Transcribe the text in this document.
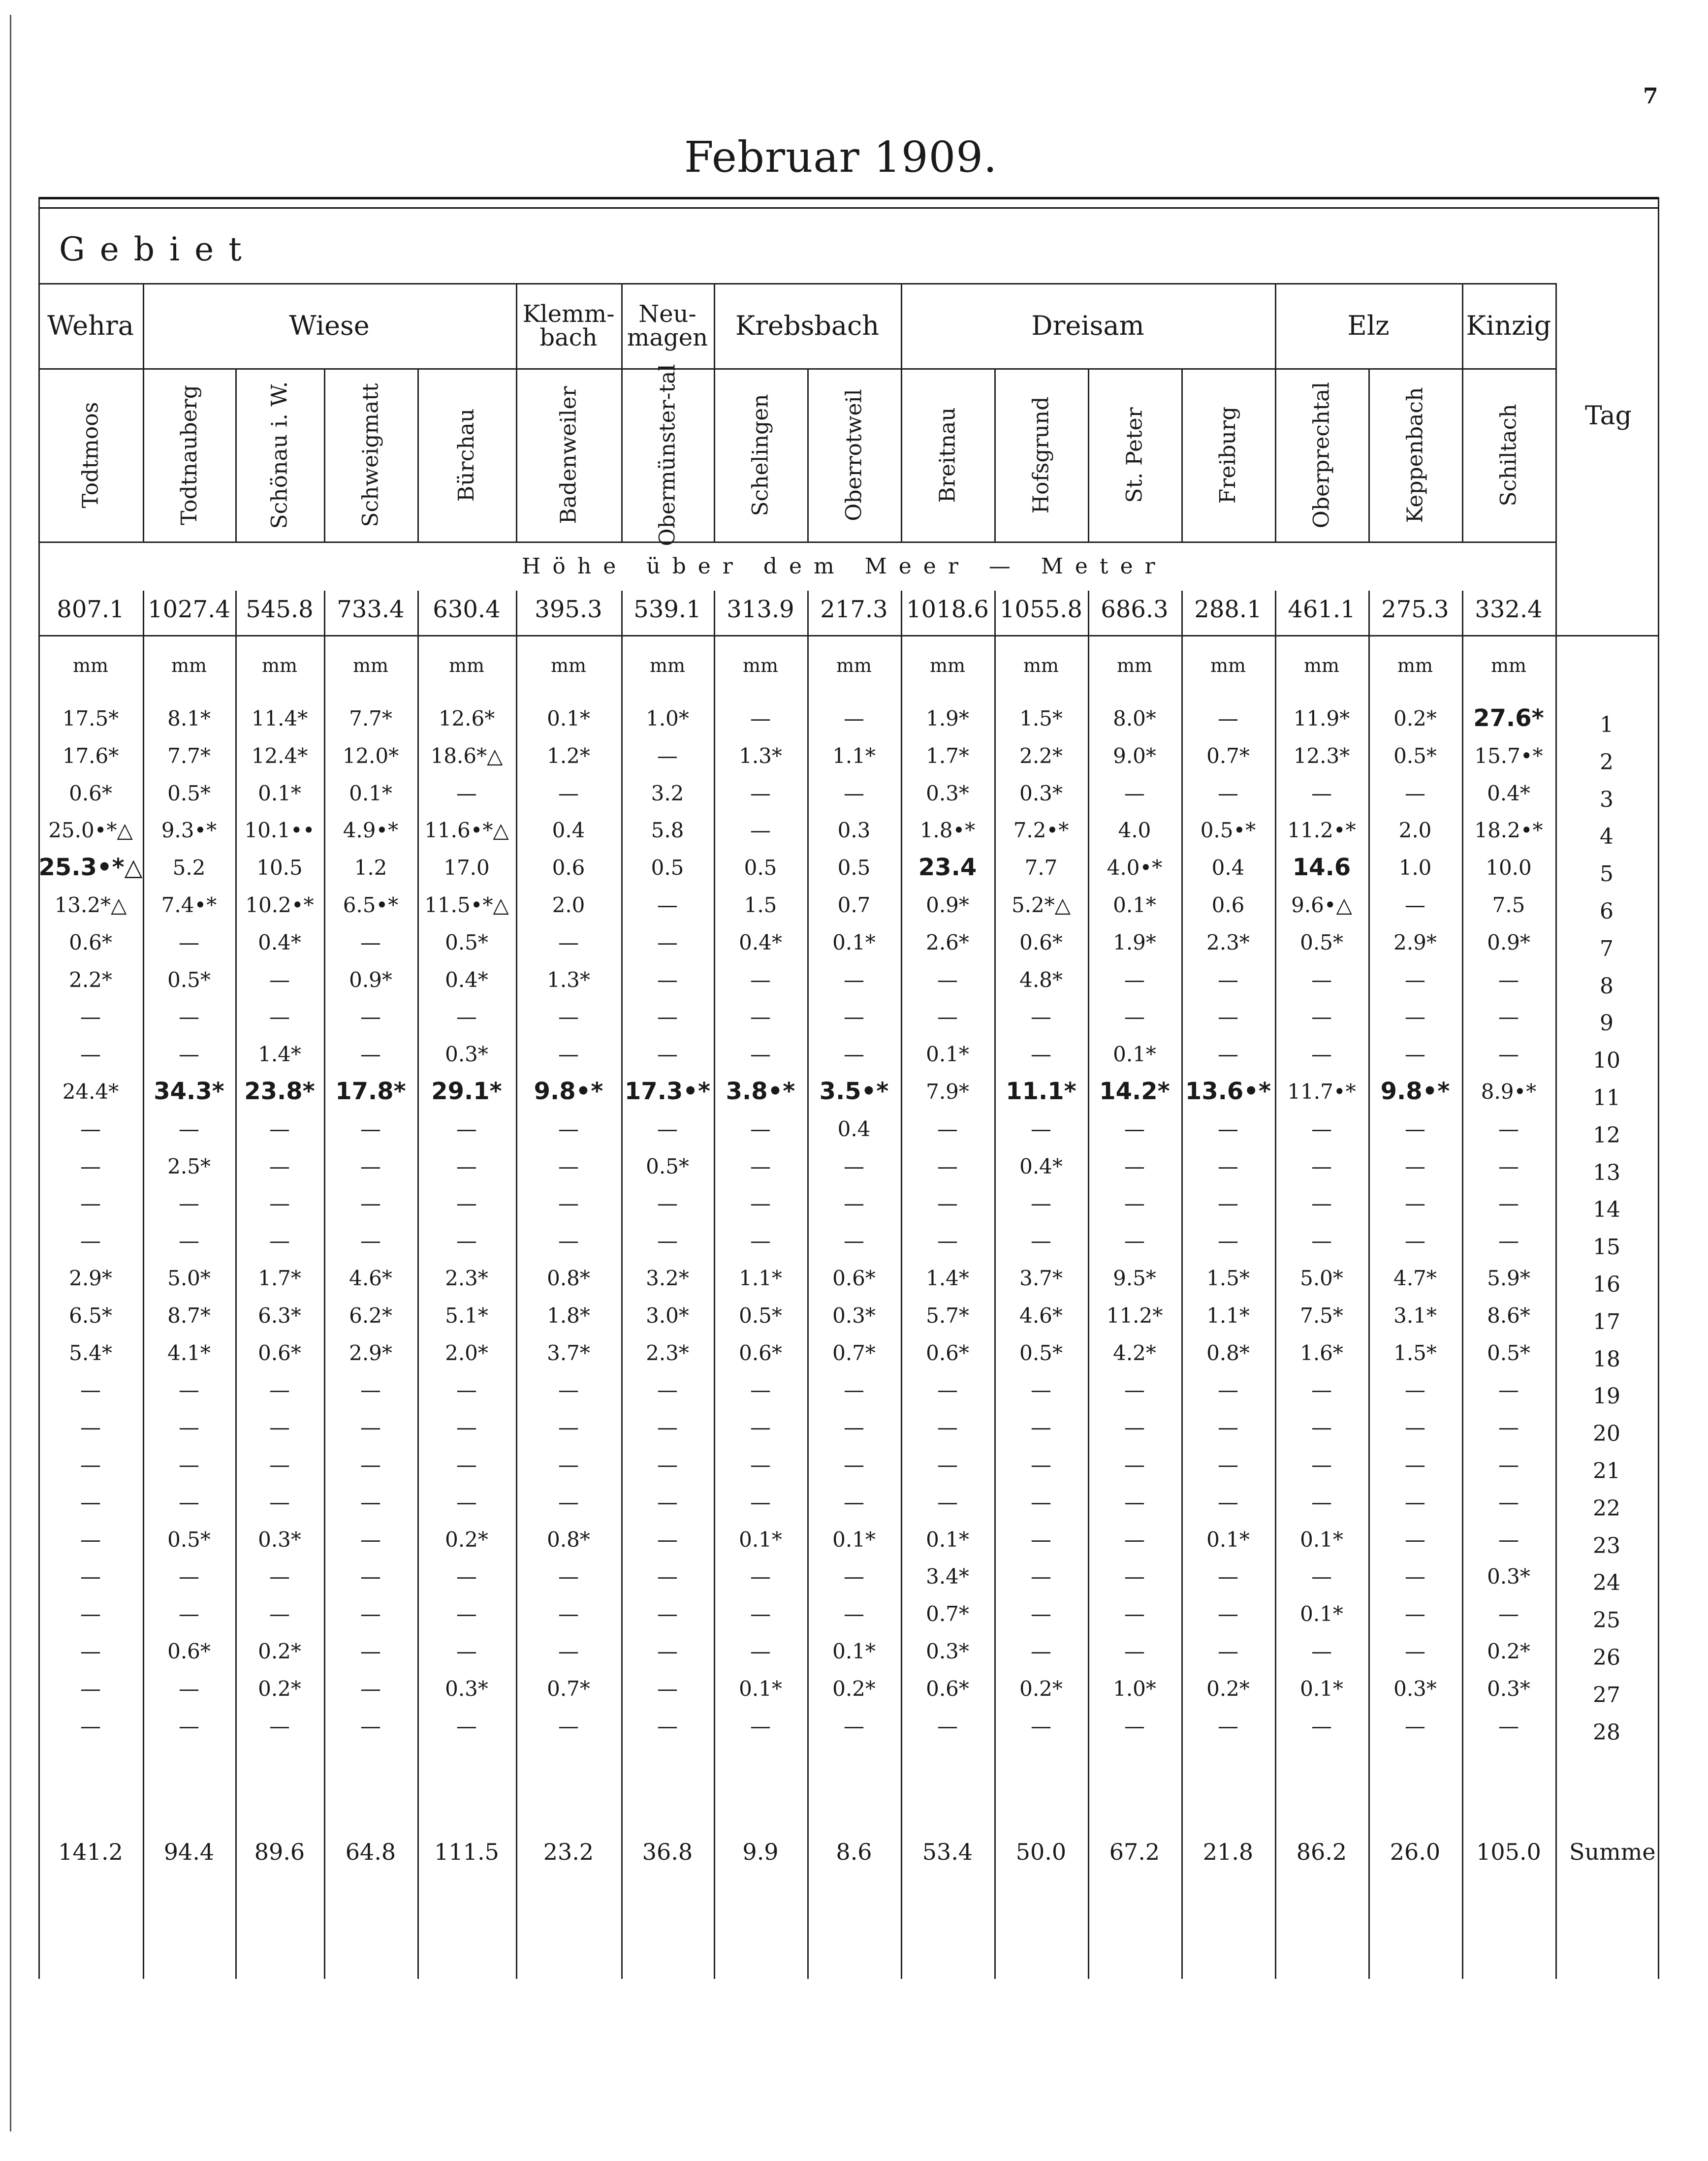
7
Februar 1909.
Gebiet
Wehra	Wiese	Klemm-
bach
Neu-
magen	Krebsbach	Dreisam	Elz	Kinzig
Todtmoos	Todtnauberg	Schönau i. W.	Schweigmatt	Bürchau	Badenweiler	Obermünster-tal	Schelingen	Oberrotweil	Breitnau	Hofsgrund	St. Peter	Freiburg	Oberprechtal	Keppenbach	Schiltach Tag
Höhe über dem Meer — Meter
807.1 1027.4 545.8 733.4	630.4	395.3	539.1	313.9	217.3 1018.6 1055.8 686.3	288.1	461.1	275.3	332.4
mm	mm	mm	mm	mm	mm	mm	mm	mm	mm	mm	mm	mm	mm	mm	mm
17.5*	8.1*	11.4*	7.7*	12.6*	0.1*	1.0*	—	—	1.9*	1.5*	8.0*	—	11.9*	0.2*	27.6*	1
17.6*	7.7*	12.4*	12.0*	18.6*△	1.2*	—	1.3*	1.1*	1.7*	2.2*	9.0*	0.7*	12.3*	0.5*	15.7•*	2
0.6*	0.5*	0.1*	0.1*	—	—	3.2	—	—	0.3*	0.3*	—	—	—	—	0.4*	3
25.0•*△	9.3•*	10.1••	4.9•*	11.6•*△	0.4	5.8	—	0.3	1.8•*	7.2•*	4.0	0.5•*	11.2•*	2.0	18.2•*	4
25.3•*△	5.2	10.5	1.2	17.0	0.6	0.5	0.5	0.5	23.4	7.7	4.0•*	0.4	14.6	1.0	10.0	5
13.2*△	7.4•*	10.2•*	6.5•*	11.5•*△	2.0	—	1.5	0.7	0.9*	5.2*△	0.1*	0.6	9.6•△	—	7.5	6
0.6*	—	0.4*	—	0.5*	—	—	0.4*	0.1*	2.6*	0.6*	1.9*	2.3*	0.5*	2.9*	0.9*	7
2.2*	0.5*	—	0.9*	0.4*	1.3*	—	—	—	—	4.8*	—	—	—	—	—	8
—	—	—	—	—	—	—	—	—	—	—	—	—	—	—	—	9
—	—	1.4*	—	0.3*	—	—	—	—	0.1*	—	0.1*	—	—	—	—	10
24.4*	34.3* 23.8* 17.8*	29.1*	9.8•* 17.3•* 3.8•*	3.5•*	7.9*	11.1* 14.2* 13.6•* 11.7•*	9.8•*	8.9•*	11
—	—	—	—	—	—	—	—	0.4	—	—	—	—	—	—	—	12
—	2.5*	—	—	—	—	0.5*	—	—	—	0.4*	—	—	—	—	—	13
—	—	—	—	—	—	—	—	—	—	—	—	—	—	—	—	14
—	—	—	—	—	—	—	—	—	—	—	—	—	—	—	—	15
2.9*	5.0*	1.7*	4.6*	2.3*	0.8*	3.2*	1.1*	0.6*	1.4*	3.7*	9.5*	1.5*	5.0*	4.7*	5.9*	16
6.5*	8.7*	6.3*	6.2*	5.1*	1.8*	3.0*	0.5*	0.3*	5.7*	4.6*	11.2*	1.1*	7.5*	3.1*	8.6*	17
5.4*	4.1*	0.6*	2.9*	2.0*	3.7*	2.3*	0.6*	0.7*	0.6*	0.5*	4.2*	0.8*	1.6*	1.5*	0.5*	18
—	—	—	—	—	—	—	—	—	—	—	—	—	—	—	—	19
—	—	—	—	—	—	—	—	—	—	—	—	—	—	—	—	20
—	—	—	—	—	—	—	—	—	—	—	—	—	—	—	—	21
—	—	—	—	—	—	—	—	—	—	—	—	—	—	—	—	22
—	0.5*	0.3*	—	0.2*	0.8*	—	0.1*	0.1*	0.1*	—	—	0.1*	0.1*	—	—	23
—	—	—	—	—	—	—	—	—	3.4*	—	—	—	—	—	0.3*	24
—	—	—	—	—	—	—	—	—	0.7*	—	—	—	0.1*	—	—	25
—	0.6*	0.2*	—	—	—	—	—	0.1*	0.3*	—	—	—	—	—	0.2*	26
—	—	0.2*	—	0.3*	0.7*	—	0.1*	0.2*	0.6*	0.2*	1.0*	0.2*	0.1*	0.3*	0.3*	27
—	—	—	—	—	—	—	—	—	—	—	—	—	—	—	—	28
141.2	94.4	89.6	64.8	111.5	23.2	36.8	9.9	8.6	53.4	50.0	67.2	21.8	86.2	26.0	105.0	Summe
